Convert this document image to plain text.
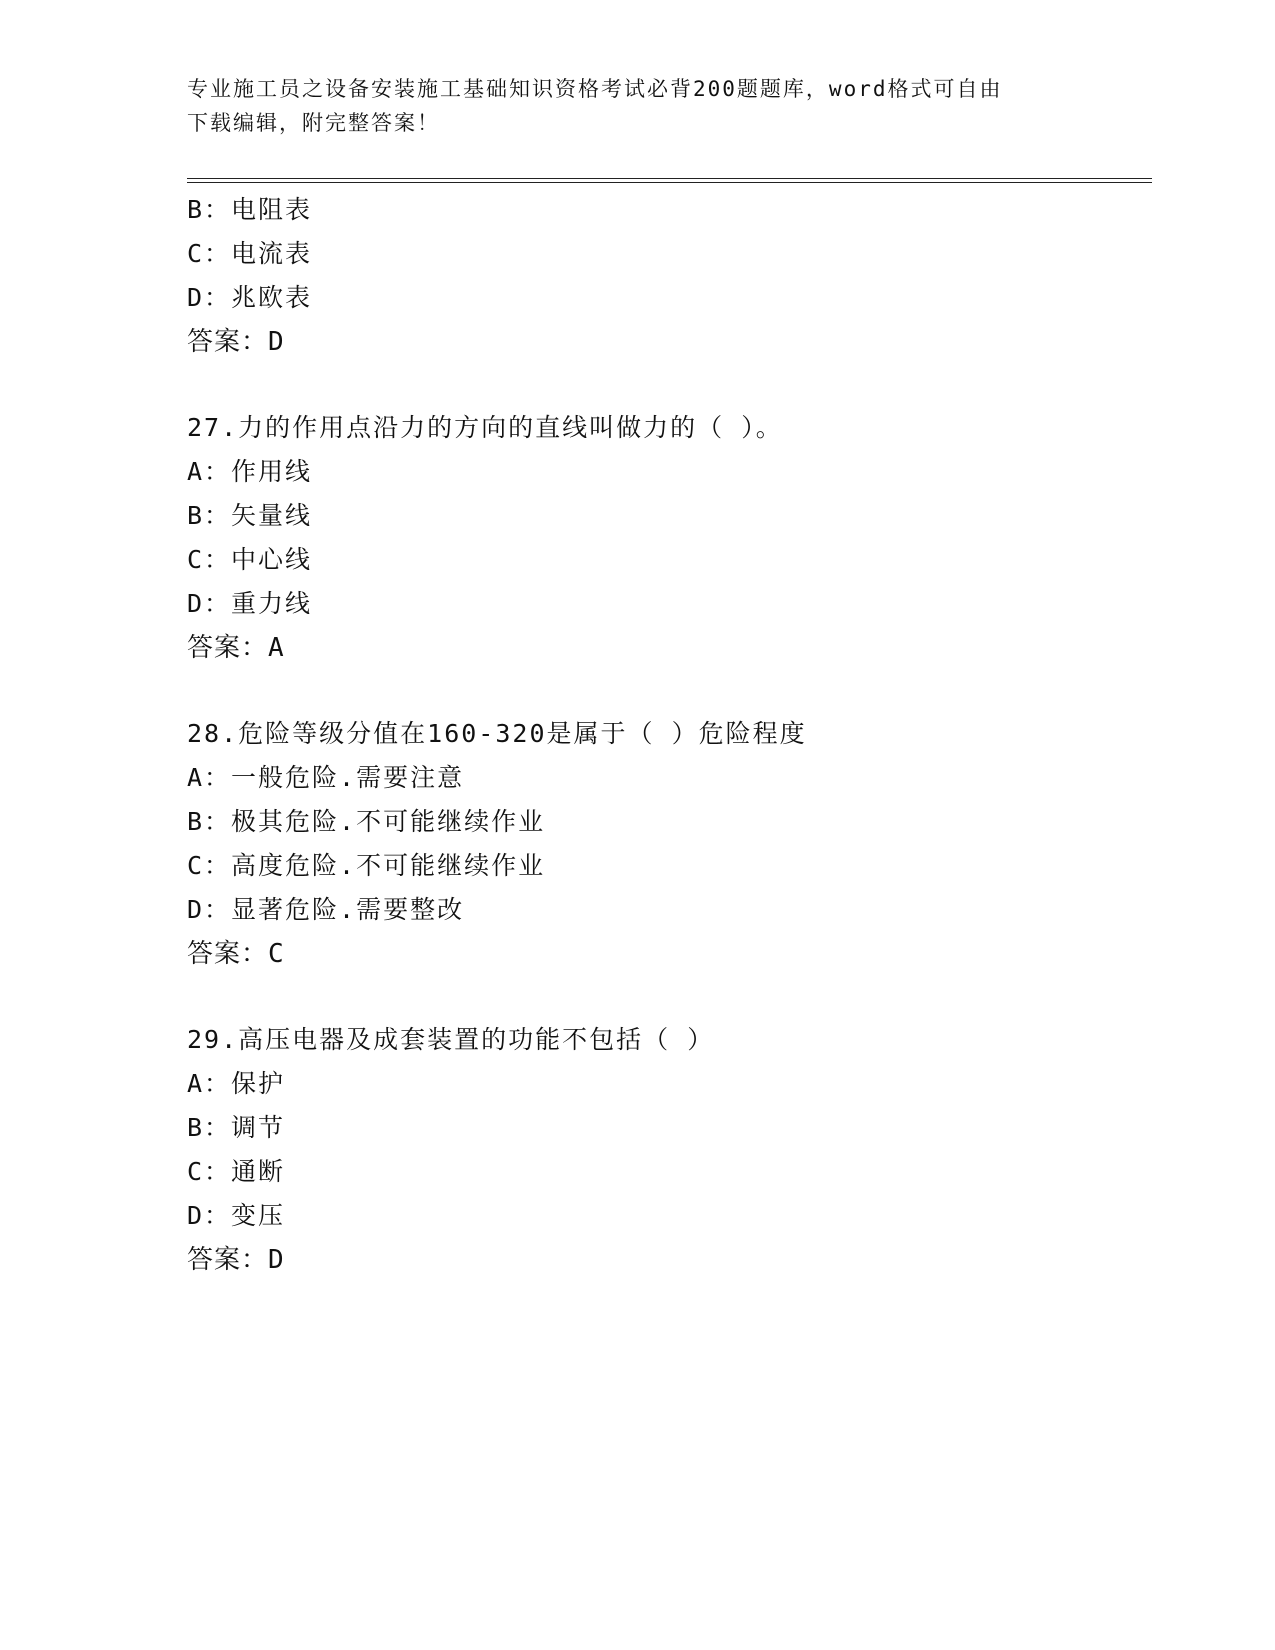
专业施工员之设备安装施工基础知识资格考试必背200题题库，word格式可自由
下载编辑，附完整答案！
B：电阻表
C：电流表
D：兆欧表
答案：D
27.力的作用点沿力的方向的直线叫做力的（ ）。
A：作用线
B：矢量线
C：中心线
D：重力线
答案：A
28.危险等级分值在160-320是属于（ ）危险程度
A：一般危险.需要注意
B：极其危险.不可能继续作业
C：高度危险.不可能继续作业
D：显著危险.需要整改
答案：C
29.高压电器及成套装置的功能不包括（ ）
A：保护
B：调节
C：通断
D：变压
答案：D
